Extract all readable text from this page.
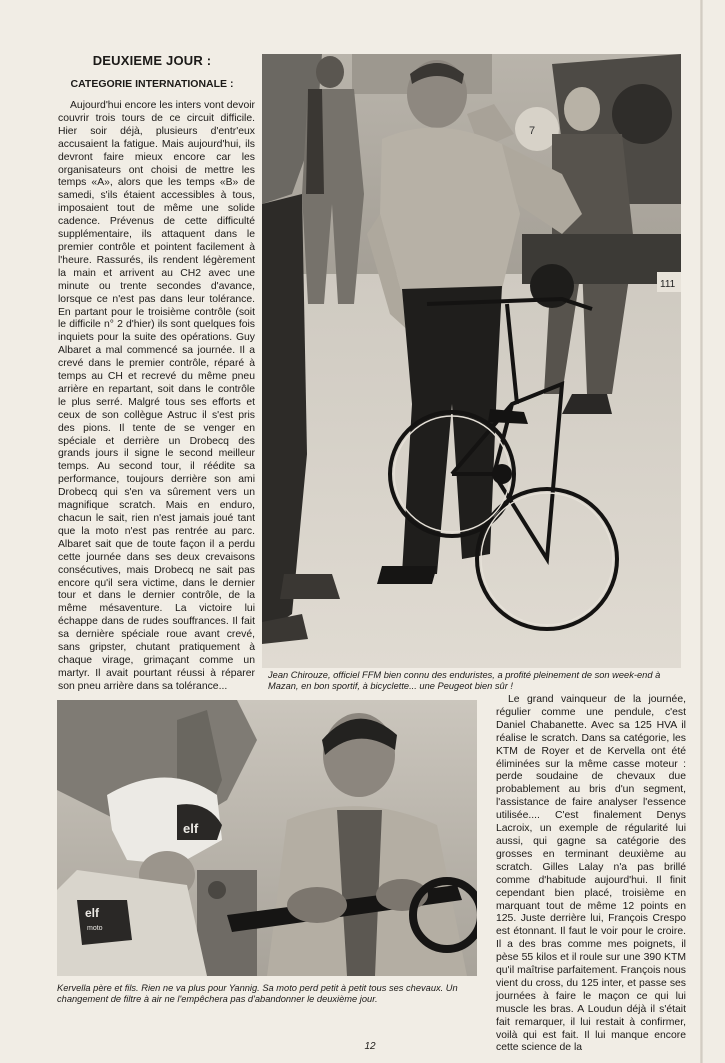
DEUXIEME JOUR :
CATEGORIE INTERNATIONALE :

Aujourd'hui encore les inters vont devoir couvrir trois tours de ce circuit difficile. Hier soir déjà, plusieurs d'entr'eux accusaient la fatigue. Mais aujourd'hui, ils devront faire mieux encore car les organisateurs ont choisi de mettre les temps «A», alors que les temps «B» de samedi, s'ils étaient accessibles à tous, imposaient tout de même une solide cadence. Prévenus de cette difficulté supplémentaire, ils attaquent dans le premier contrôle et pointent facilement à l'heure. Rassurés, ils rendent légèrement la main et arrivent au CH2 avec une minute ou trente secondes d'avance, lorsque ce n'est pas dans leur tolérance. En partant pour le troisième contrôle (soit le difficile n° 2 d'hier) ils sont quelques fois inquiets pour la suite des opérations. Guy Albaret a mal commencé sa journée. Il a crevé dans le premier contrôle, réparé à temps au CH et recrevé du même pneu arrière en repartant, soit dans le contrôle le plus serré. Malgré tous ses efforts et ceux de son collègue Astruc il s'est pris des pions. Il tente de se venger en spéciale et derrière un Drobecq des grands jours il signe le second meilleur temps. Au second tour, il réédite sa performance, toujours derrière son ami Drobecq qui s'en va sûrement vers un magnifique scratch. Mais en enduro, chacun le sait, rien n'est jamais joué tant que la moto n'est pas rentrée au parc. Albaret sait que de toute façon il a perdu cette journée dans ses deux crevaisons consécutives, mais Drobecq ne sait pas encore qu'il sera victime, dans le dernier tour et dans le dernier contrôle, de la même mésaventure. La victoire lui échappe dans de rudes souffrances. Il fait sa dernière spéciale roue avant crevé, sans gripster, chutant pratiquement à chaque virage, grimaçant comme un martyr. Il avait pourtant réussi à réparer son pneu arrière dans sa tolérance...

7
111

Jean Chirouze, officiel FFM bien connu des enduristes, a profité pleinement de son week-end à Mazan, en bon sportif, à bicyclette... une Peugeot bien sûr !

elf
elf
moto

Kervella père et fils. Rien ne va plus pour Yannig. Sa moto perd petit à petit tous ses chevaux. Un changement de filtre à air ne l'empêchera pas d'abandonner le deuxième jour.

Le grand vainqueur de la journée, régulier comme une pendule, c'est Daniel Chabanette. Avec sa 125 HVA il réalise le scratch. Dans sa catégorie, les KTM de Royer et de Kervella ont été éliminées sur la même casse moteur : perde soudaine de chevaux due probablement au bris d'un segment, l'assistance de faire analyser l'essence utilisée.... C'est finalement Denys Lacroix, un exemple de régularité lui aussi, qui gagne sa catégorie des grosses en terminant deuxième au scratch. Gilles Lalay n'a pas brillé comme d'habitude aujourd'hui. Il finit cependant bien placé, troisième en marquant tout de même 12 points en 125. Juste derrière lui, François Crespo est étonnant. Il faut le voir pour le croire. Il a des bras comme mes poignets, il pèse 55 kilos et il roule sur une 390 KTM qu'il maîtrise parfaitement. François nous vient du cross, du 125 inter, et passe ses journées à faire le maçon ce qui lui muscle les bras. A Loudun déjà il s'était fait remarquer, il lui restait à confirmer, voilà qui est fait. Il lui manque encore cette science de la

12
